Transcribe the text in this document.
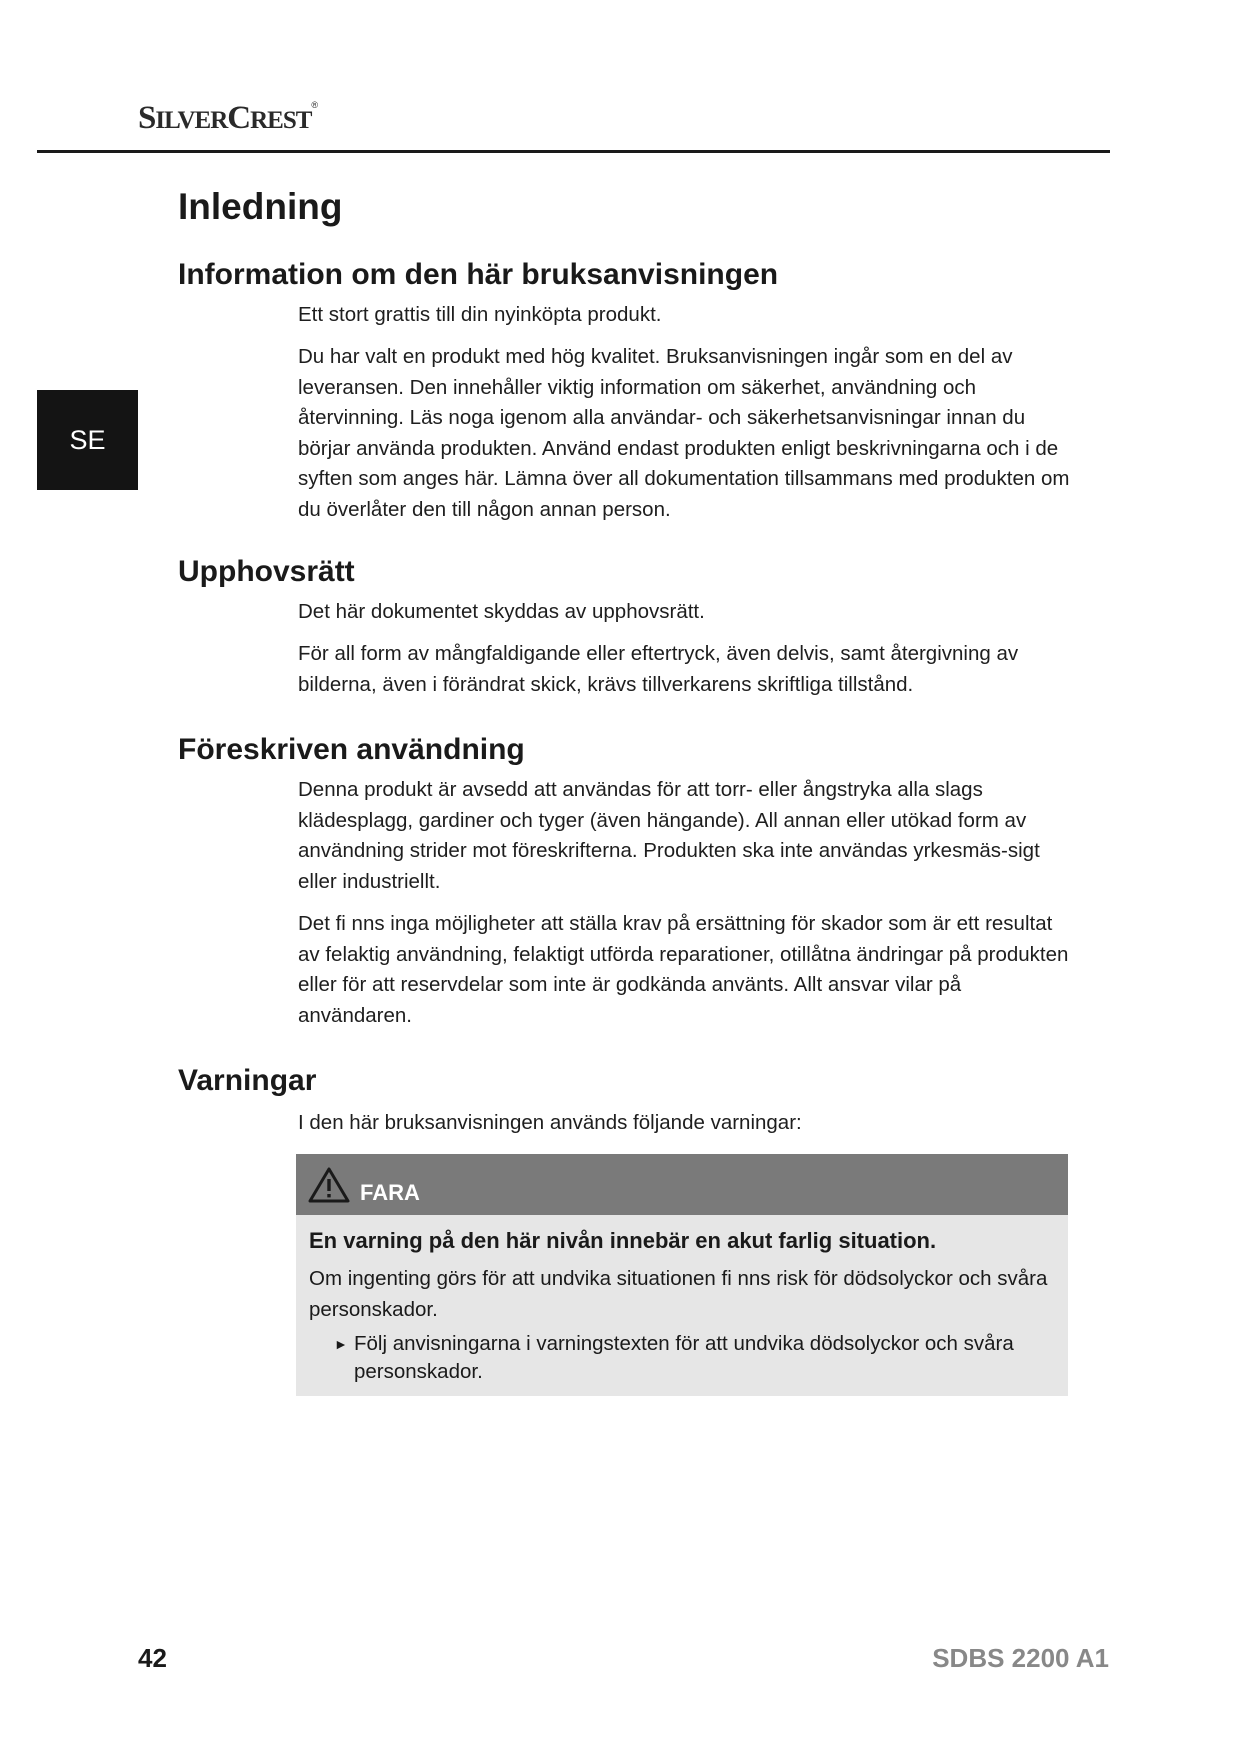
SILVERCREST®
SE
Inledning
Information om den här bruksanvisningen

Ett stort grattis till din nyinköpta produkt.

Du har valt en produkt med hög kvalitet. Bruksanvisningen ingår som en del av leveransen. Den innehåller viktig information om säkerhet, användning och återvinning. Läs noga igenom alla användar- och säkerhetsanvisningar innan du börjar använda produkten. Använd endast produkten enligt beskrivningarna och i de syften som anges här. Lämna över all dokumentation tillsammans med produkten om du överlåter den till någon annan person.

Upphovsrätt

Det här dokumentet skyddas av upphovsrätt.

För all form av mångfaldigande eller eftertryck, även delvis, samt återgivning av bilderna, även i förändrat skick, krävs tillverkarens skriftliga tillstånd.

Föreskriven användning

Denna produkt är avsedd att användas för att torr- eller ångstryka alla slags klädesplagg, gardiner och tyger (även hängande). All annan eller utökad form av användning strider mot föreskrifterna. Produkten ska inte användas yrkesmäs-sigt eller industriellt.

Det fi nns inga möjligheter att ställa krav på ersättning för skador som är ett resultat av felaktig användning, felaktigt utförda reparationer, otillåtna ändringar på produkten eller för att reservdelar som inte är godkända använts. Allt ansvar vilar på användaren.

Varningar

I den här bruksanvisningen används följande varningar:

FARA

En varning på den här nivån innebär en akut farlig situation.

Om ingenting görs för att undvika situationen fi nns risk för dödsolyckor och svåra personskador.

► Följ anvisningarna i varningstexten för att undvika dödsolyckor och svåra personskador.

42	SDBS 2200 A1
